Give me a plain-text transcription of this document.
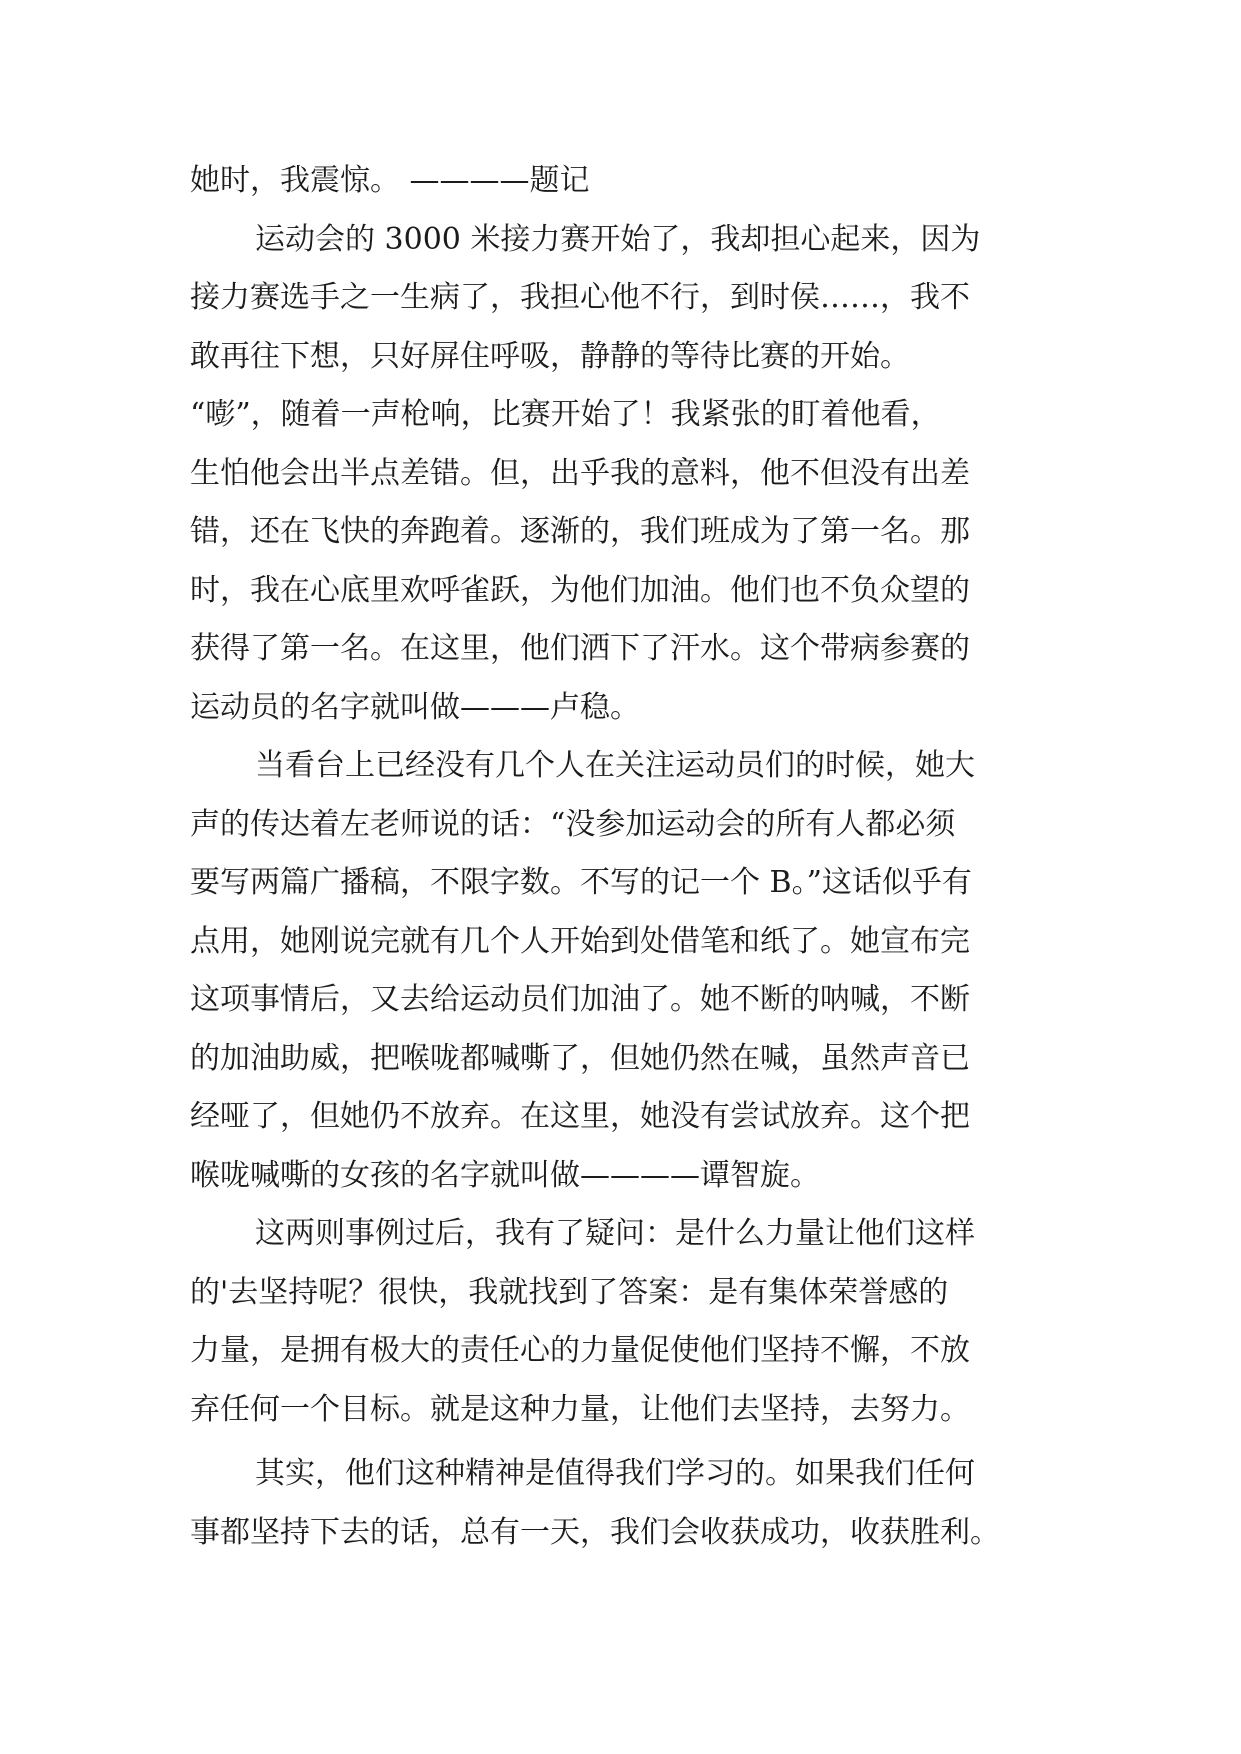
她时，我震惊。 ————题记
运动会的 3000 米接力赛开始了，我却担心起来，因为
接力赛选手之一生病了，我担心他不行，到时侯……，我不
敢再往下想，只好屏住呼吸，静静的等待比赛的开始。
“嘭”，随着一声枪响，比赛开始了！我紧张的盯着他看，
生怕他会出半点差错。但，出乎我的意料，他不但没有出差
错，还在飞快的奔跑着。逐渐的，我们班成为了第一名。那
时，我在心底里欢呼雀跃，为他们加油。他们也不负众望的
获得了第一名。在这里，他们洒下了汗水。这个带病参赛的
运动员的名字就叫做———卢稳。
当看台上已经没有几个人在关注运动员们的时候，她大
声的传达着左老师说的话：“没参加运动会的所有人都必须
要写两篇广播稿，不限字数。不写的记一个 B。”这话似乎有
点用，她刚说完就有几个人开始到处借笔和纸了。她宣布完
这项事情后，又去给运动员们加油了。她不断的呐喊，不断
的加油助威，把喉咙都喊嘶了，但她仍然在喊，虽然声音已
经哑了，但她仍不放弃。在这里，她没有尝试放弃。这个把
喉咙喊嘶的女孩的名字就叫做————谭智旋。
这两则事例过后，我有了疑问：是什么力量让他们这样
的'去坚持呢？很快，我就找到了答案：是有集体荣誉感的
力量，是拥有极大的责任心的力量促使他们坚持不懈，不放
弃任何一个目标。就是这种力量，让他们去坚持，去努力。
其实，他们这种精神是值得我们学习的。如果我们任何
事都坚持下去的话，总有一天，我们会收获成功，收获胜利。
